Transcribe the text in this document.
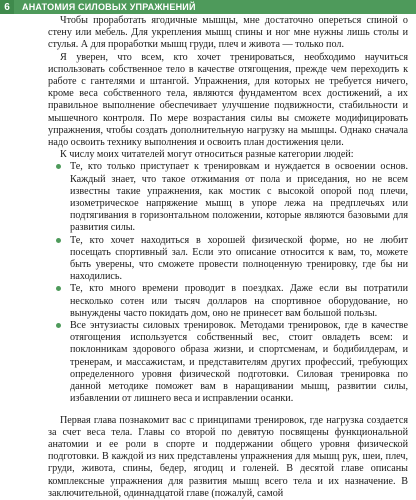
6	АНАТОМИЯ СИЛОВЫХ УПРАЖНЕНИЙ

Чтобы проработать ягодичные мышцы, мне достаточно опереться спиной о стену или мебель. Для укрепления мышц спины и ног мне нужны лишь столы и стулья. А для проработки мышц груди, плеч и живота — только пол.

Я уверен, что всем, кто хочет тренироваться, необходимо научиться использовать собственное тело в качестве отягощения, прежде чем переходить к работе с гантелями и штангой. Упражнения, для которых не требуется ничего, кроме веса собственного тела, являются фундаментом всех достижений, а их правильное выполнение обеспечивает улучшение подвижности, стабильности и мышечного контроля. По мере возрастания силы вы сможете модифицировать упражнения, чтобы создать дополнительную нагрузку на мышцы. Однако сначала надо освоить технику выполнения и освоить план достижения цели.

К числу моих читателей могут относиться разные категории людей:

Те, кто только приступает к тренировкам и нуждается в освоении основ. Каждый знает, что такое отжимания от пола и приседания, но не всем известны такие упражнения, как мостик с высокой опорой под плечи, изометрическое напряжение мышц в упоре лежа на предплечьях или подтягивания в горизонтальном положении, которые являются базовыми для развития силы.
Те, кто хочет находиться в хорошей физической форме, но не любит посещать спортивный зал. Если это описание относится к вам, то, можете быть уверены, что сможете провести полноценную тренировку, где бы ни находились.
Те, кто много времени проводит в поездках. Даже если вы потратили несколько сотен или тысяч долларов на спортивное оборудование, но вынуждены часто покидать дом, оно не принесет вам большой пользы.
Все энтузиасты силовых тренировок. Методами тренировок, где в качестве отягощения используется собственный вес, стоит овладеть всем: и поклонникам здорового образа жизни, и спортсменам, и бодибилдерам, и тренерам, и массажистам, и представителям других профессий, требующих определенного уровня физической подготовки. Силовая тренировка по данной методике поможет вам в наращивании мышц, развитии силы, избавлении от лишнего веса и исправлении осанки.

Первая глава познакомит вас с принципами тренировок, где нагрузка создается за счет веса тела. Главы со второй по девятую посвящены функциональной анатомии и ее роли в спорте и поддержании общего уровня физической подготовки. В каждой из них представлены упражнения для мышц рук, шеи, плеч, груди, живота, спины, бедер, ягодиц и голеней. В десятой главе описаны комплексные упражнения для развития мышц всего тела и их назначение. В заключительной, одиннадцатой главе (пожалуй, самой
